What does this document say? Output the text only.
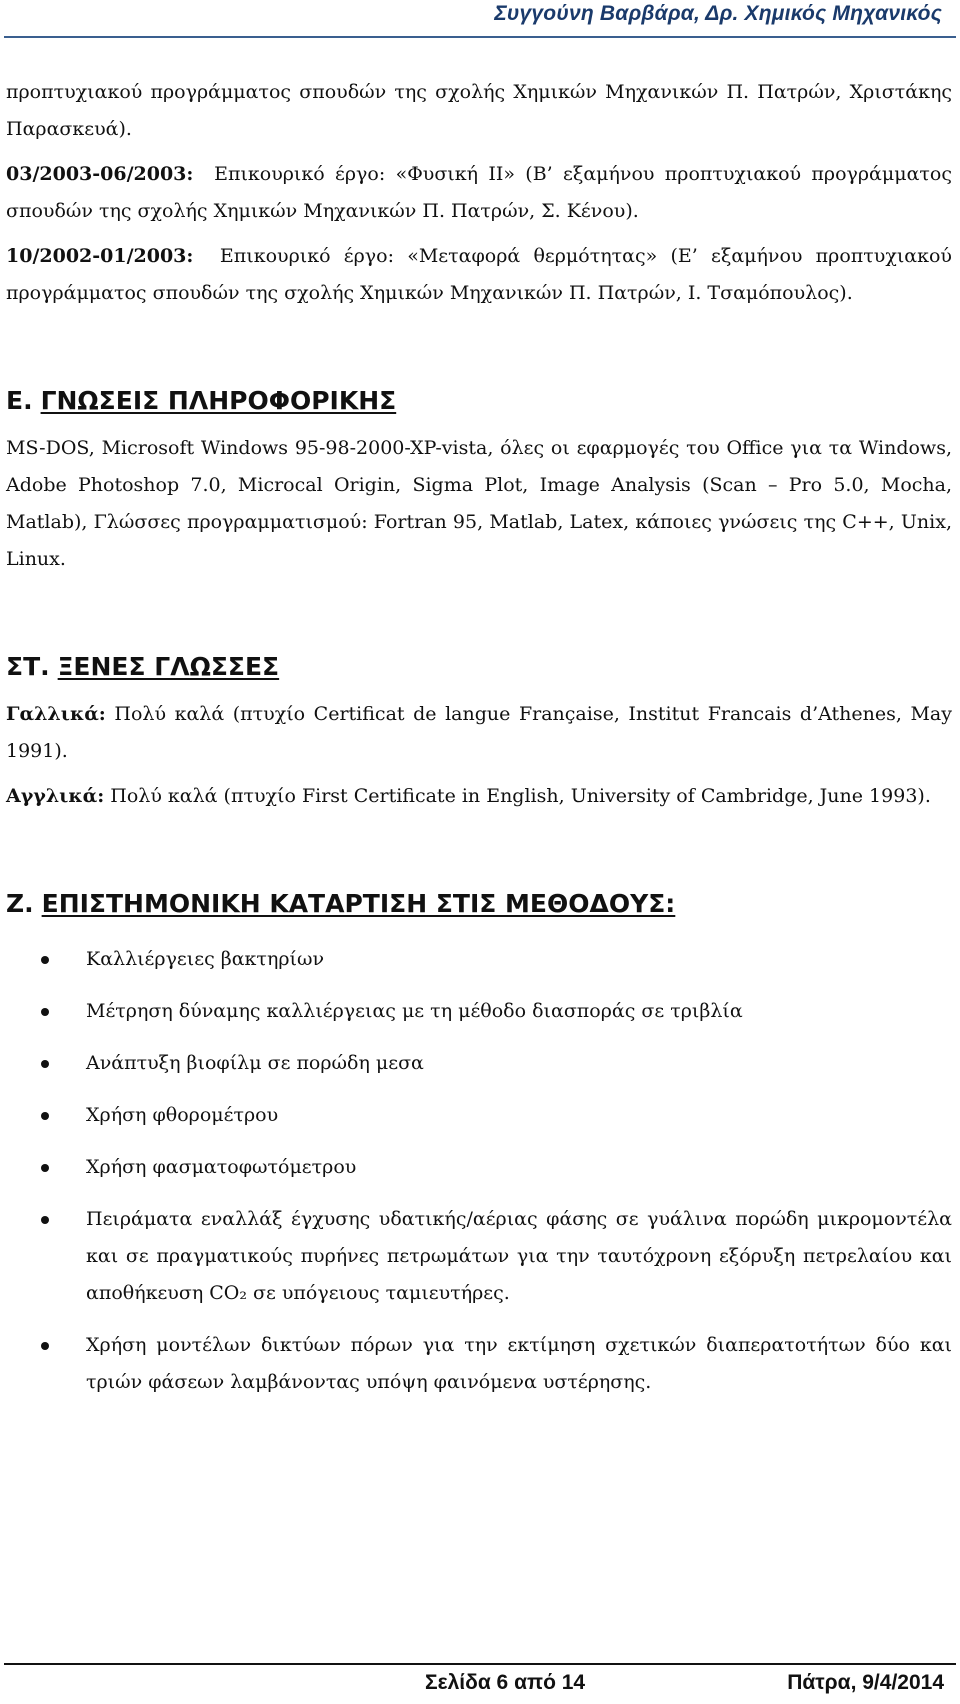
Συγγούνη Βαρβάρα, Δρ. Χημικός Μηχανικός

προπτυχιακού προγράμματος σπουδών της σχολής Χημικών Μηχανικών Π. Πατρών, Χριστάκης Παρασκευά).

03/2003-06/2003: Επικουρικό έργο: «Φυσική ΙΙ» (Β’ εξαμήνου προπτυχιακού προγράμματος σπουδών της σχολής Χημικών Μηχανικών Π. Πατρών, Σ. Κένου).

10/2002-01/2003: Επικουρικό έργο: «Μεταφορά θερμότητας» (Ε’ εξαμήνου προπτυχιακού προγράμματος σπουδών της σχολής Χημικών Μηχανικών Π. Πατρών, Ι. Τσαμόπουλος).

Ε. ΓΝΩΣΕΙΣ ΠΛΗΡΟΦΟΡΙΚΗΣ

MS-DOS, Microsoft Windows 95-98-2000-XP-vista, όλες οι εφαρμογές του Office για τα Windows, Adobe Photoshop 7.0, Microcal Origin, Sigma Plot, Image Analysis (Scan – Pro 5.0, Mocha, Matlab), Γλώσσες προγραμματισμού: Fortran 95, Matlab, Latex, κάποιες γνώσεις της C++, Unix, Linux.

ΣΤ. ΞΕΝΕΣ ΓΛΩΣΣΕΣ

Γαλλικά: Πολύ καλά (πτυχίο Certificat de langue Française, Institut Francais d’Athenes, May 1991).

Αγγλικά: Πολύ καλά (πτυχίο First Certificate in English, University of Cambridge, June 1993).

Ζ. ΕΠΙΣΤΗΜΟΝΙΚΗ ΚΑΤΑΡΤΙΣΗ ΣΤΙΣ ΜΕΘΟΔΟΥΣ:
Καλλιέργειες βακτηρίων
Μέτρηση δύναμης καλλιέργειας με τη μέθοδο διασποράς σε τριβλία
Ανάπτυξη βιοφίλμ σε πορώδη μεσα
Χρήση φθορομέτρου
Χρήση φασματοφωτόμετρου
Πειράματα εναλλάξ έγχυσης υδατικής/αέριας φάσης σε γυάλινα πορώδη μικρομοντέλα και σε πραγματικούς πυρήνες πετρωμάτων για την ταυτόχρονη εξόρυξη πετρελαίου και αποθήκευση CO₂ σε υπόγειους ταμιευτήρες.
Χρήση μοντέλων δικτύων πόρων για την εκτίμηση σχετικών διαπερατοτήτων δύο και τριών φάσεων λαμβάνοντας υπόψη φαινόμενα υστέρησης.
Σελίδα 6 από 14	Πάτρα, 9/4/2014
